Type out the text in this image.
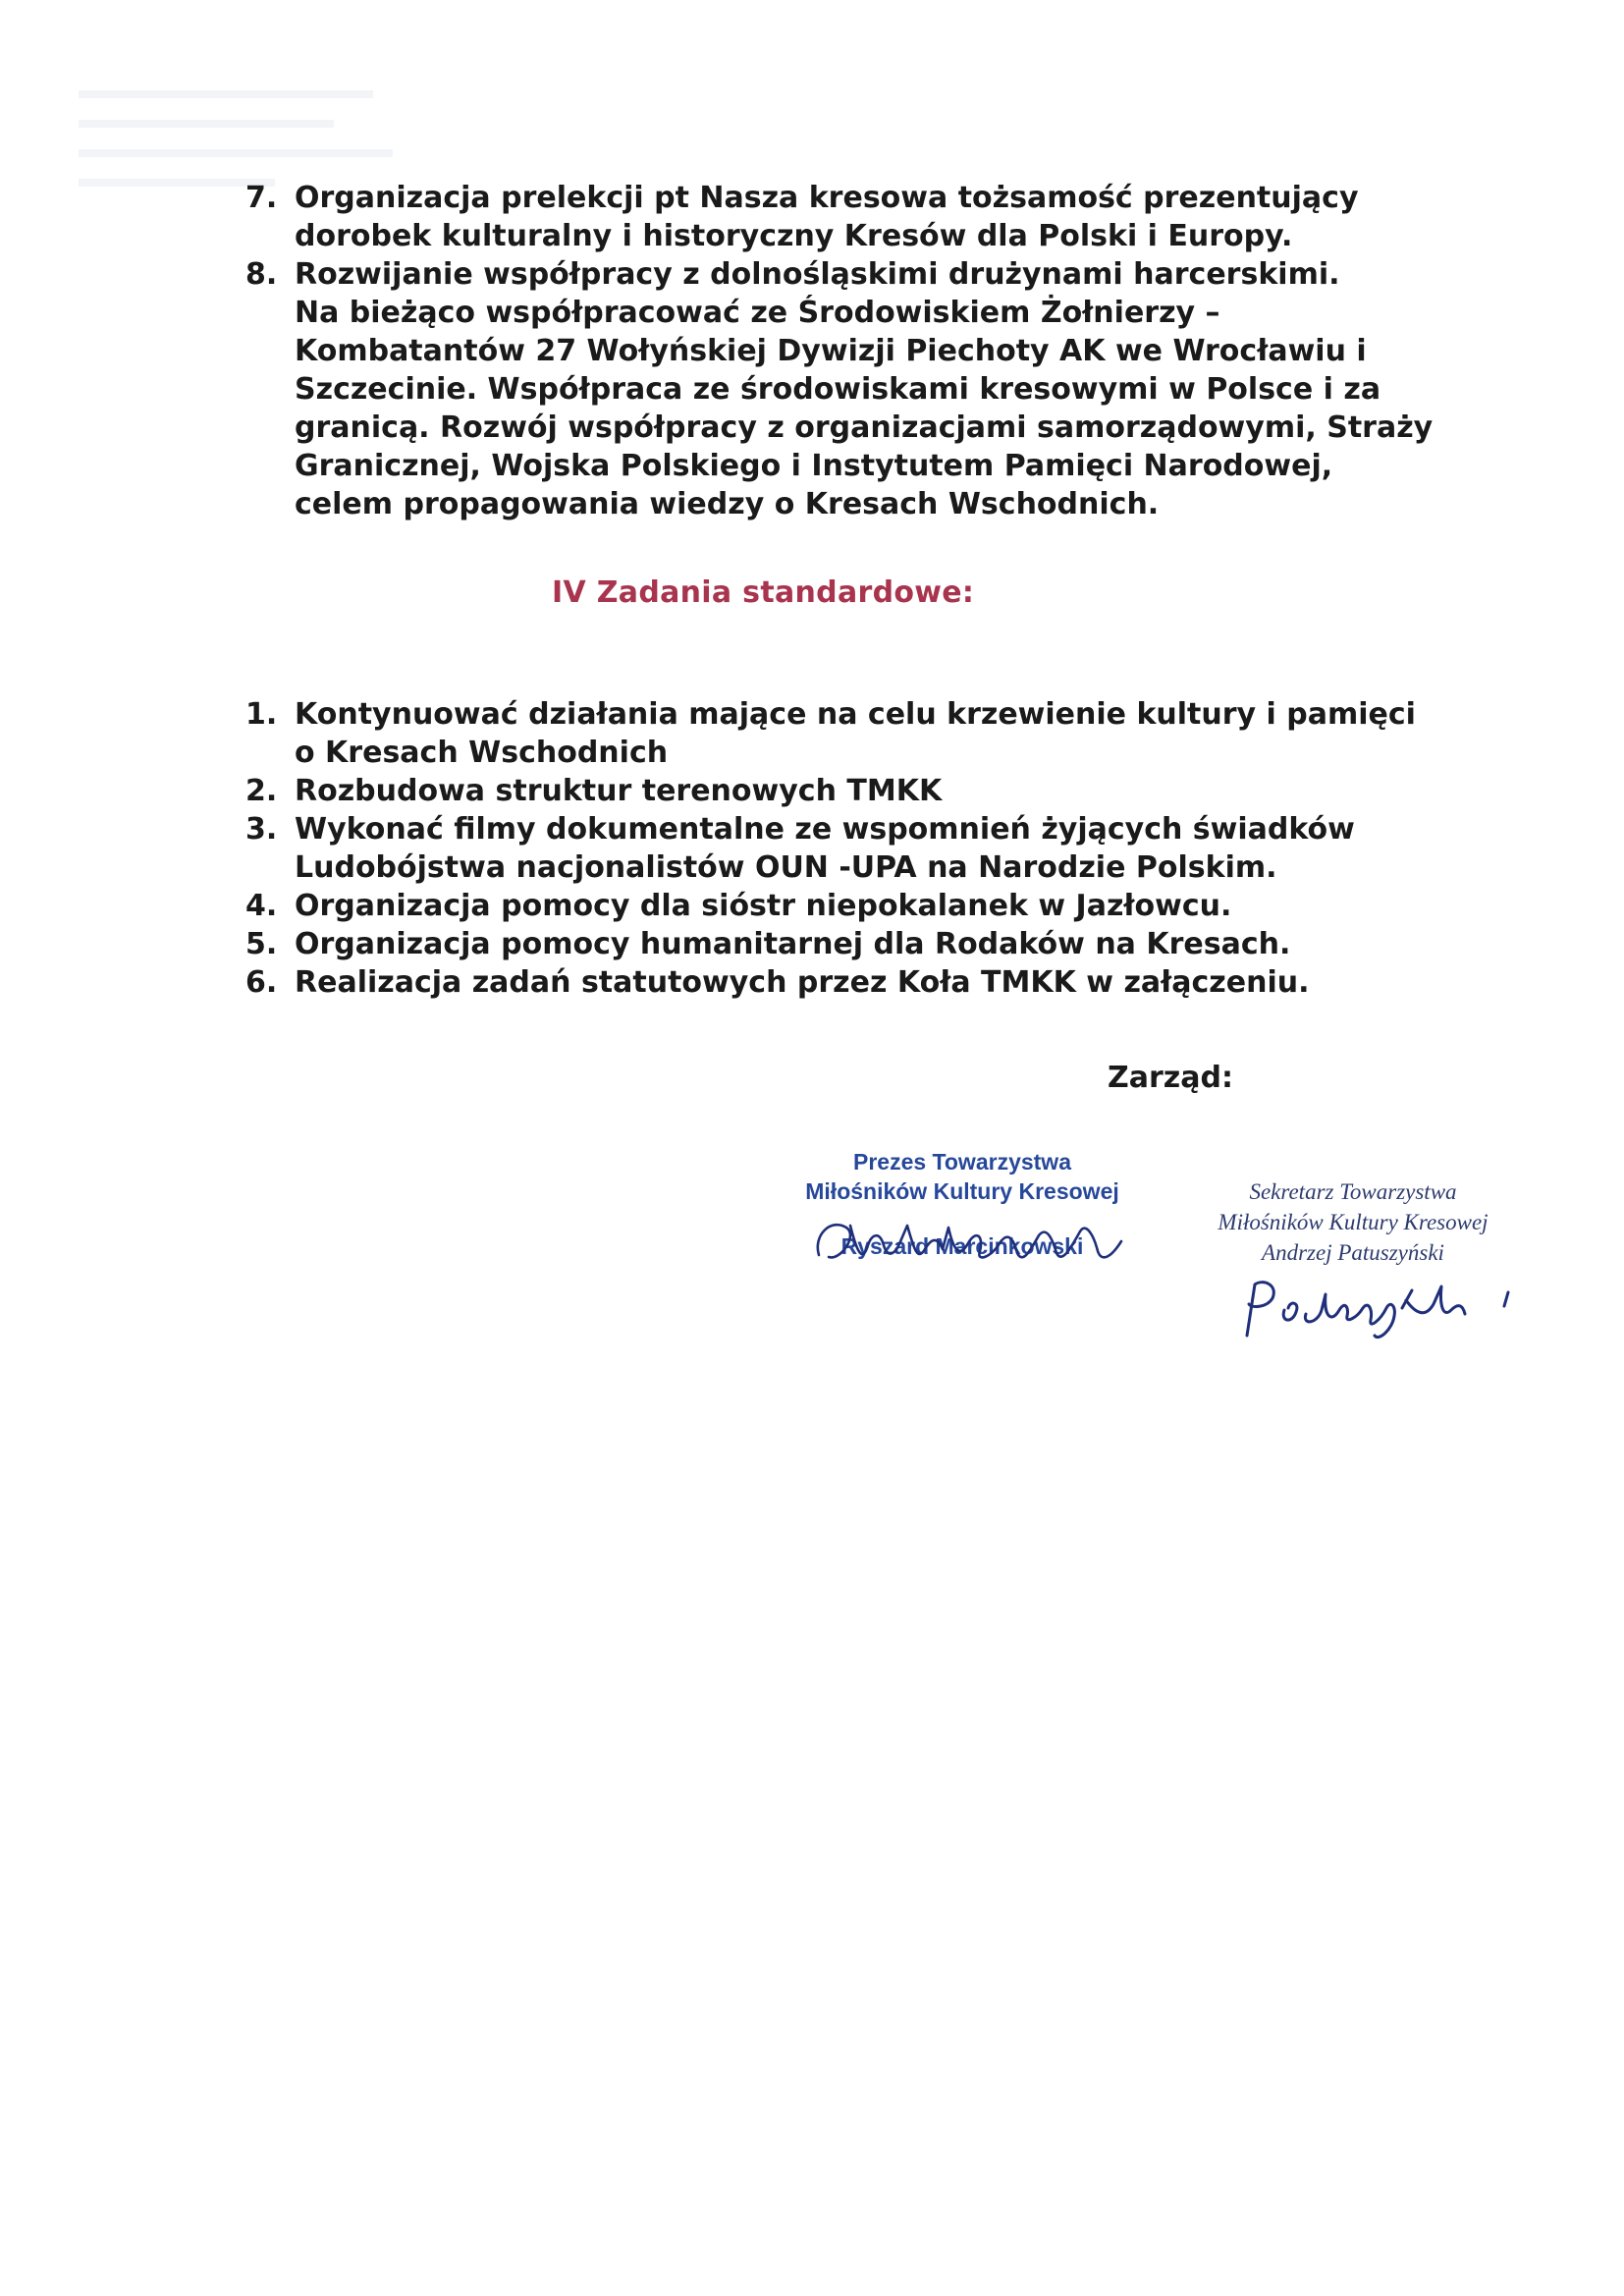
7. Organizacja prelekcji pt Nasza kresowa tożsamość prezentujący
dorobek kulturalny i historyczny Kresów dla Polski i Europy.
8. Rozwijanie współpracy z dolnośląskimi drużynami harcerskimi.
Na bieżąco współpracować ze Środowiskiem Żołnierzy –
Kombatantów 27 Wołyńskiej Dywizji Piechoty AK we Wrocławiu i
Szczecinie. Współpraca ze środowiskami kresowymi w Polsce i za
granicą. Rozwój współpracy z organizacjami samorządowymi, Straży
Granicznej, Wojska Polskiego i Instytutem Pamięci Narodowej,
celem propagowania wiedzy o Kresach Wschodnich.
IV Zadania standardowe:
1. Kontynuować działania mające na celu krzewienie kultury i pamięci
o Kresach Wschodnich
2. Rozbudowa struktur terenowych TMKK
3. Wykonać filmy dokumentalne ze wspomnień żyjących świadków
Ludobójstwa nacjonalistów OUN -UPA na Narodzie Polskim.
4. Organizacja pomocy dla sióstr niepokalanek w Jazłowcu.
5. Organizacja pomocy humanitarnej dla Rodaków na Kresach.
6. Realizacja zadań statutowych przez Koła TMKK w załączeniu.
Zarząd:
Prezes Towarzystwa
Miłośników Kultury Kresowej
Ryszard Marcinkowski
Sekretarz Towarzystwa
Miłośników Kultury Kresowej
Andrzej Patuszyński
